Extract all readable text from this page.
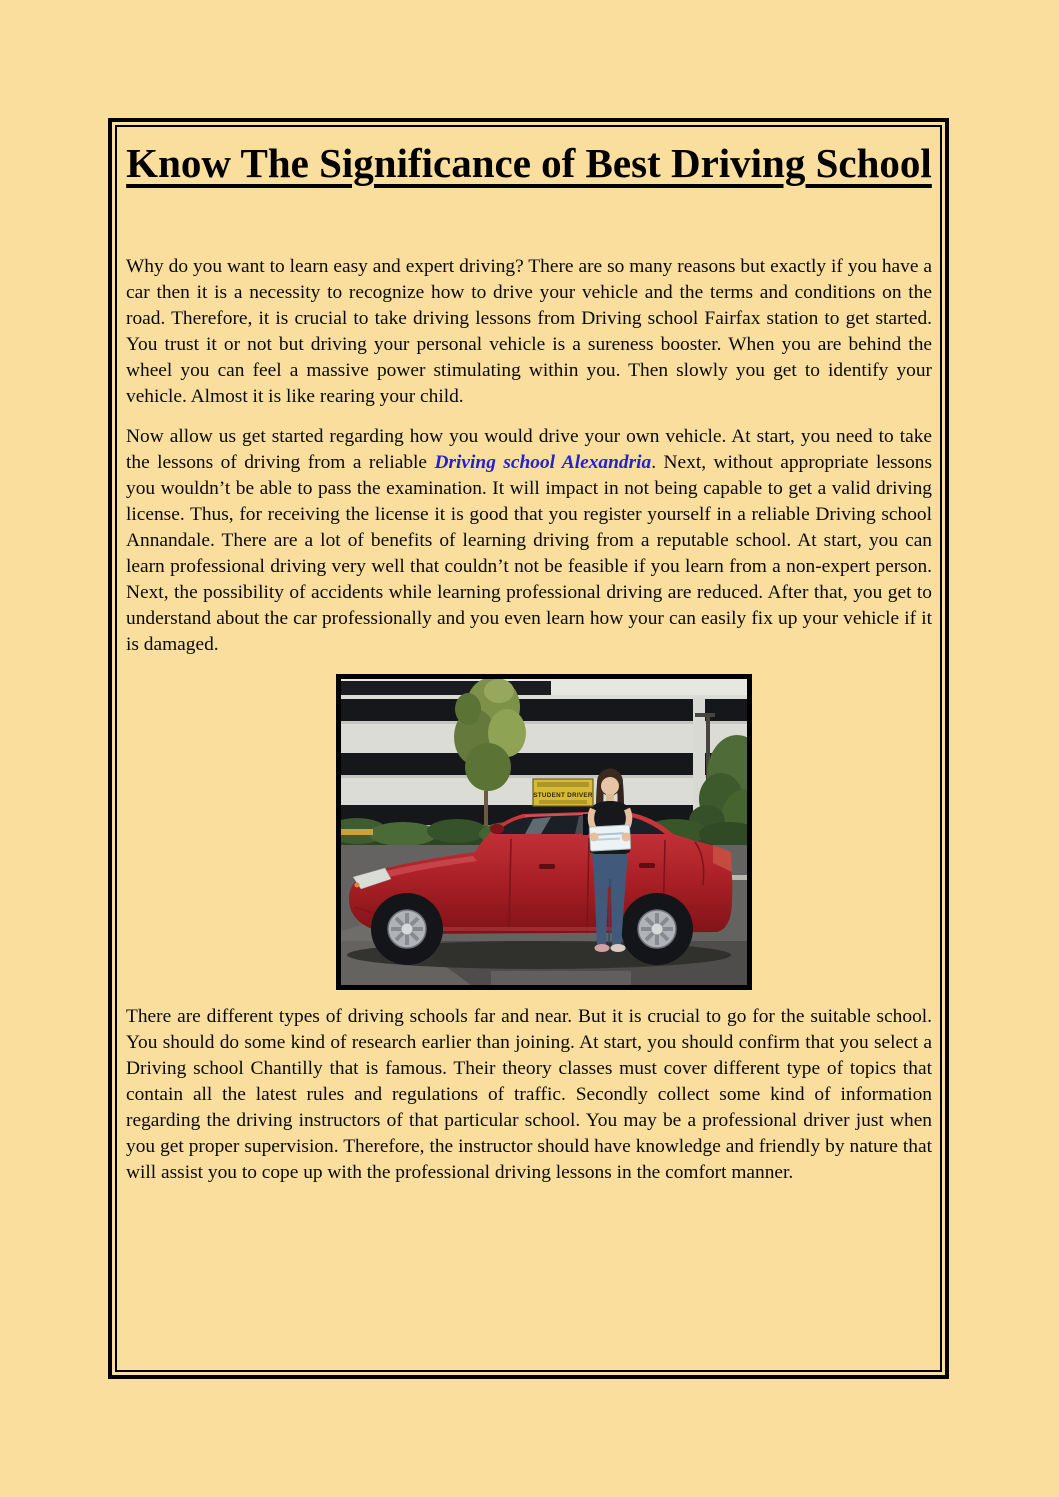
Know The Significance of Best Driving School

Why do you want to learn easy and expert driving? There are so many reasons but exactly if you have a car then it is a necessity to recognize how to drive your vehicle and the terms and conditions on the road. Therefore, it is crucial to take driving lessons from Driving school Fairfax station to get started. You trust it or not but driving your personal vehicle is a sureness booster. When you are behind the wheel you can feel a massive power stimulating within you. Then slowly you get to identify your vehicle. Almost it is like rearing your child.

Now allow us get started regarding how you would drive your own vehicle. At start, you need to take the lessons of driving from a reliable Driving school Alexandria. Next, without appropriate lessons you wouldn’t be able to pass the examination. It will impact in not being capable to get a valid driving license. Thus, for receiving the license it is good that you register yourself in a reliable Driving school Annandale. There are a lot of benefits of learning driving from a reputable school. At start, you can learn professional driving very well that couldn’t not be feasible if you learn from a non-expert person. Next, the possibility of accidents while learning professional driving are reduced. After that, you get to understand about the car professionally and you even learn how your can easily fix up your vehicle if it is damaged.

STUDENT DRIVER

There are different types of driving schools far and near. But it is crucial to go for the suitable school. You should do some kind of research earlier than joining. At start, you should confirm that you select a Driving school Chantilly that is famous. Their theory classes must cover different type of topics that contain all the latest rules and regulations of traffic. Secondly collect some kind of information regarding the driving instructors of that particular school. You may be a professional driver just when you get proper supervision. Therefore, the instructor should have knowledge and friendly by nature that will assist you to cope up with the professional driving lessons in the comfort manner.
